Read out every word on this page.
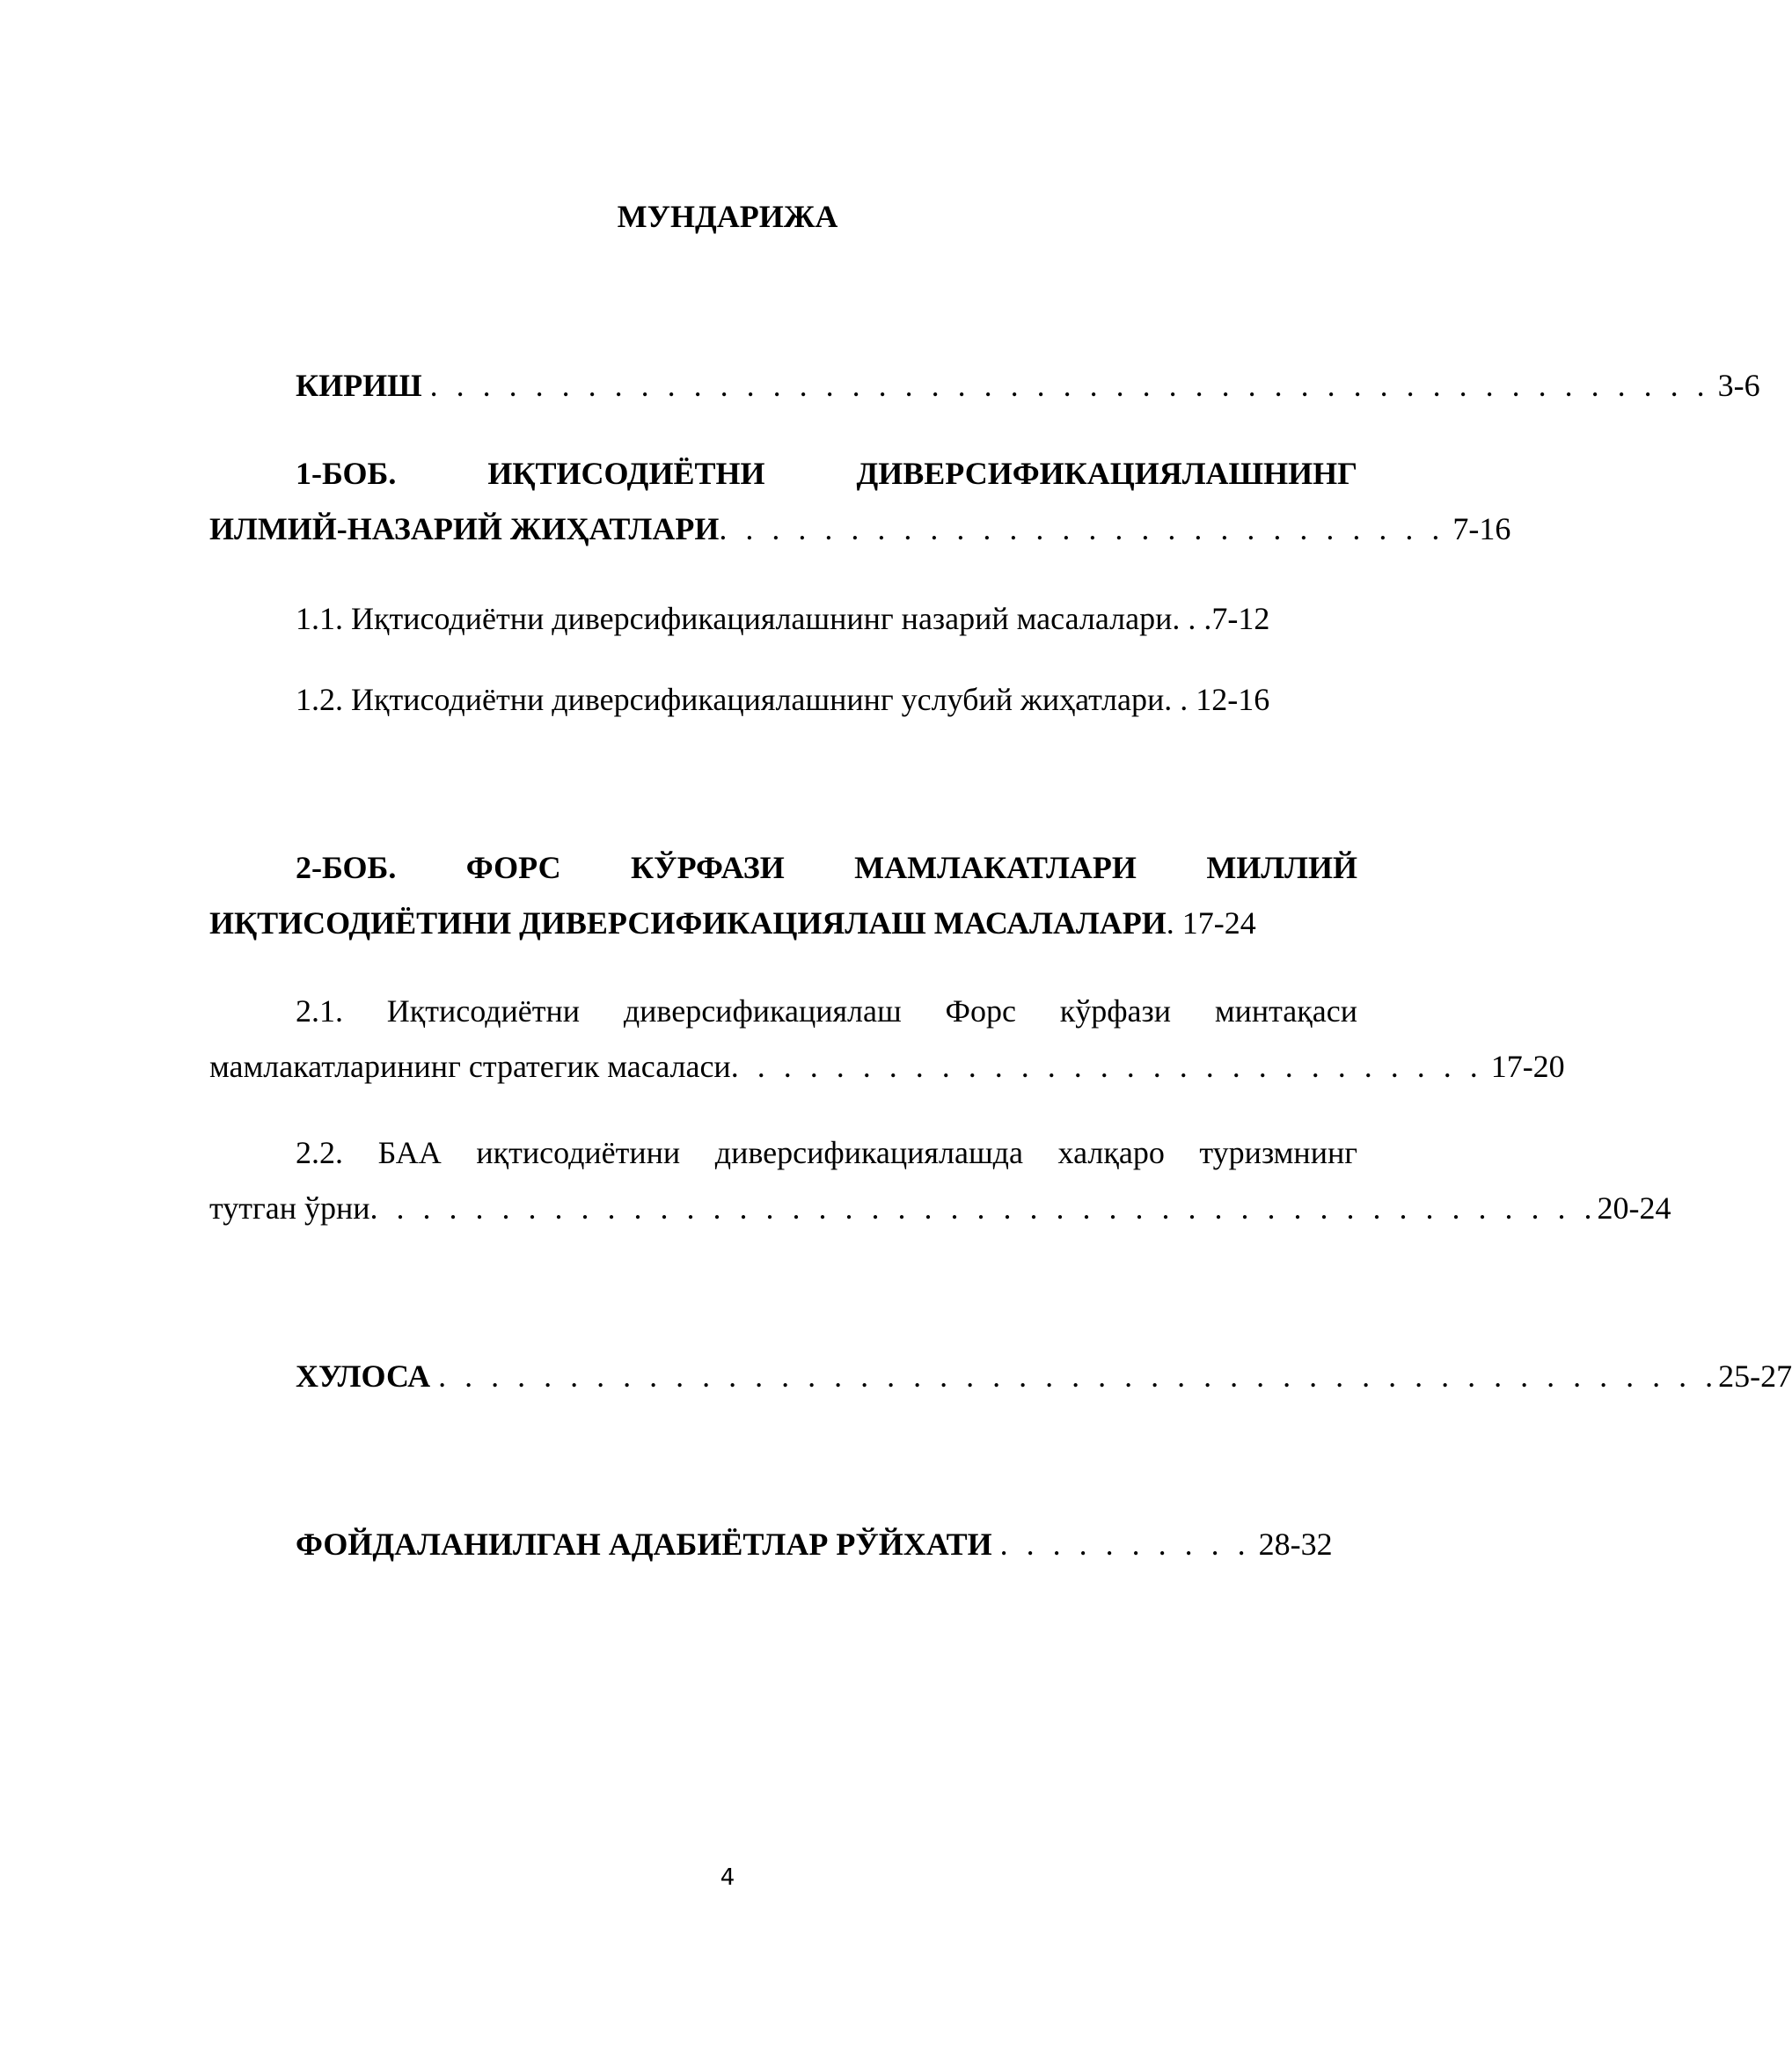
МУНДАРИЖА
КИРИШ . . . . . . . . . . . . . . . . . . . . . . . . . . . . . . . . . . . . . . . . . . . . . . . . . 3-6
1-БОБ. ИҚТИСОДИЁТНИ ДИВЕРСИФИКАЦИЯЛАШНИНГ
ИЛМИЙ-НАЗАРИЙ ЖИҲАТЛАРИ. . . . . . . . . . . . . . . . . . . . . . . . . . . . 7-16
1.1. Иқтисодиётни диверсификациялашнинг назарий масалалари. . .7-12
1.2. Иқтисодиётни диверсификациялашнинг услубий жиҳатлари. . 12-16
2-БОБ. ФОРС КЎРФАЗИ МАМЛАКАТЛАРИ МИЛЛИЙ
ИҚТИСОДИЁТИНИ ДИВЕРСИФИКАЦИЯЛАШ МАСАЛАЛАРИ. 17-24
2.1. Иқтисодиётни диверсификациялаш Форс кўрфази минтақаси
мамлакатларининг стратегик масаласи. . . . . . . . . . . . . . . . . . . . . . . . . . . . . 17-20
2.2. БАА иқтисодиётини диверсификациялашда халқаро туризмнинг
тутган ўрни. . . . . . . . . . . . . . . . . . . . . . . . . . . . . . . . . . . . . . . . . . . . . . .20-24
ХУЛОСА . . . . . . . . . . . . . . . . . . . . . . . . . . . . . . . . . . . . . . . . . . . . . . . . .25-27
ФОЙДАЛАНИЛГАН АДАБИЁТЛАР РЎЙХАТИ . . . . . . . . . . 28-32
4
